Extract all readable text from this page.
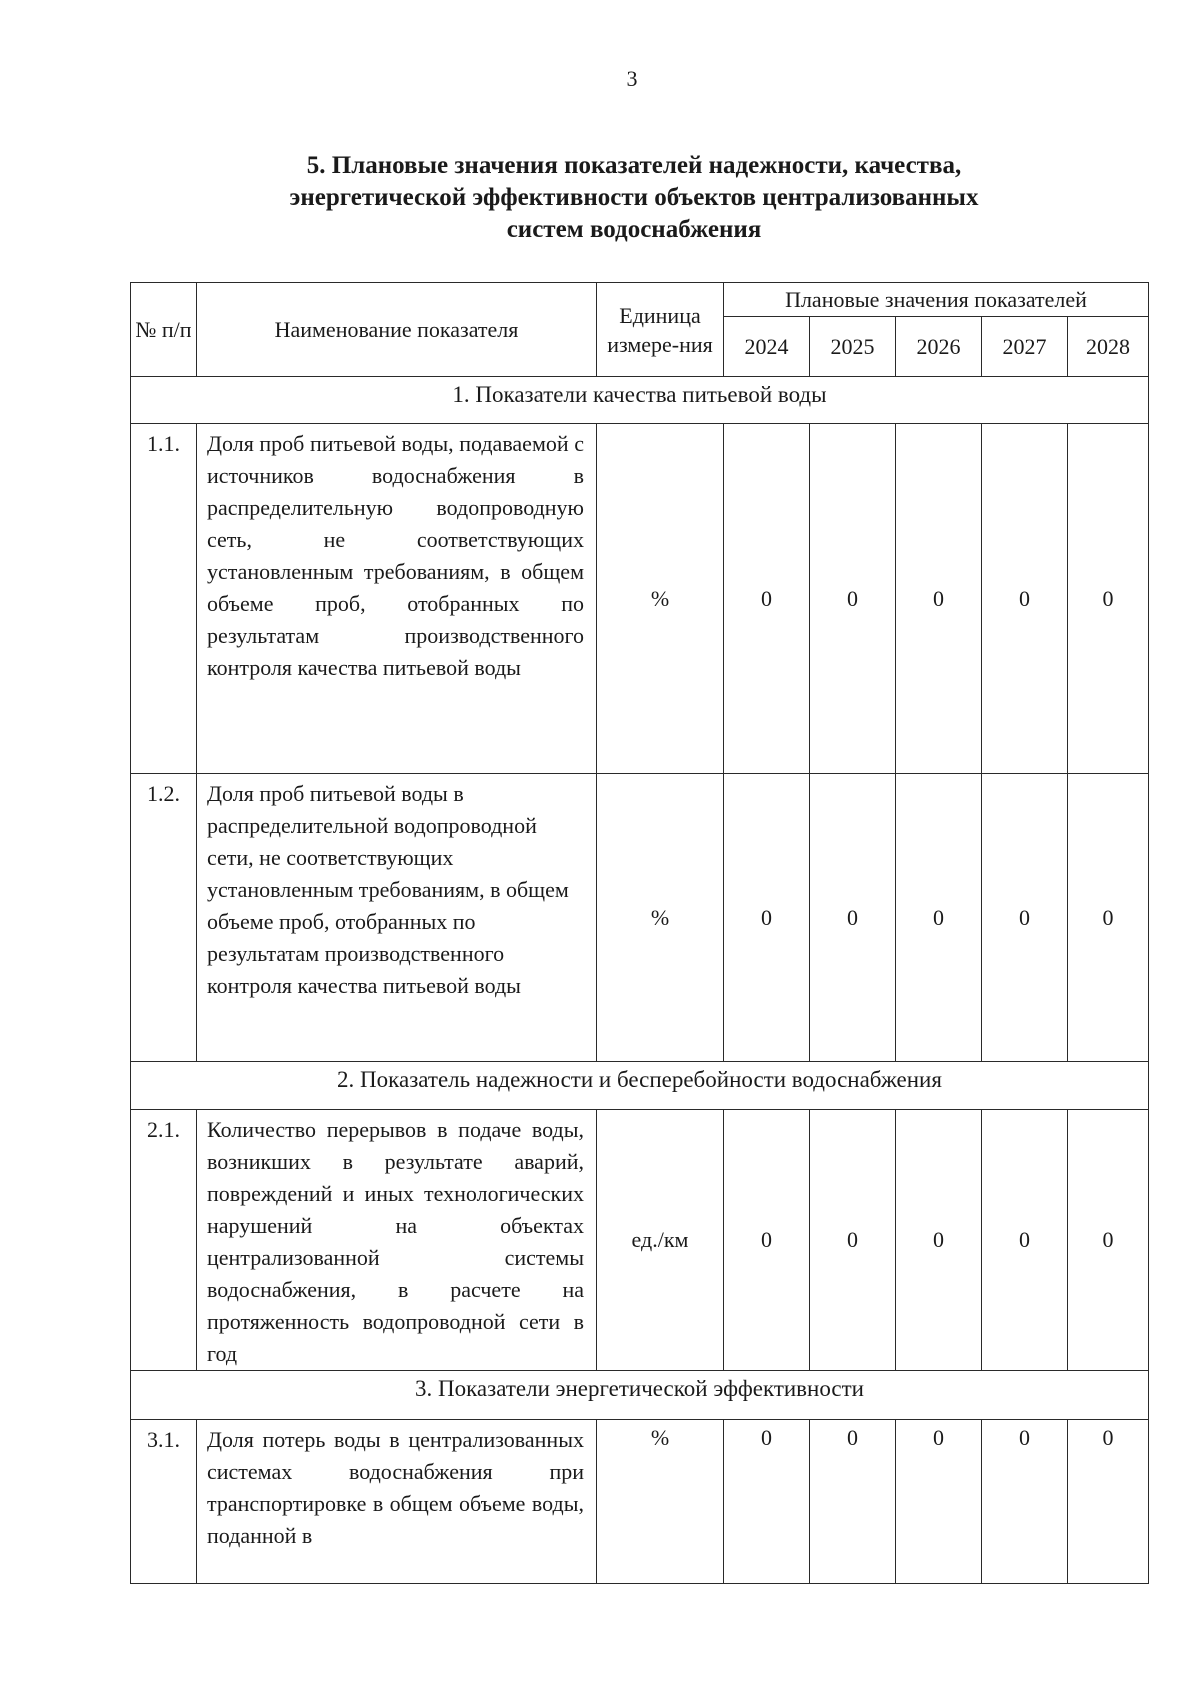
3
5. Плановые значения показателей надежности, качества,
энергетической эффективности объектов централизованных
систем водоснабжения
№ п/п	Наименование показателя	Единица измере-ния	Плановые значения показателей				
			2024	2025	2026	2027	2028
1. Показатели качества питьевой воды							
1.1.	Доля проб питьевой воды, подаваемой с источников водоснабжения в распределительную водопроводную сеть, не соответствующих установленным требованиям, в общем объеме проб, отобранных по результатам производственного контроля качества питьевой воды	%	0	0	0	0	0
1.2.	Доля проб питьевой воды в распределительной водопроводной сети, не соответствующих установленным требованиям, в общем объеме проб, отобранных по результатам производственного контроля качества питьевой воды	%	0	0	0	0	0
2. Показатель надежности и бесперебойности водоснабжения							
2.1.	Количество перерывов в подаче воды, возникших в результате аварий, повреждений и иных технологических нарушений на объектах централизованной системы водоснабжения, в расчете на протяженность водопроводной сети в год	ед./км	0	0	0	0	0
3. Показатели энергетической эффективности							
3.1.	Доля потерь воды в централизованных системах водоснабжения при транспортировке в общем объеме воды, поданной в	%	0	0	0	0	0
